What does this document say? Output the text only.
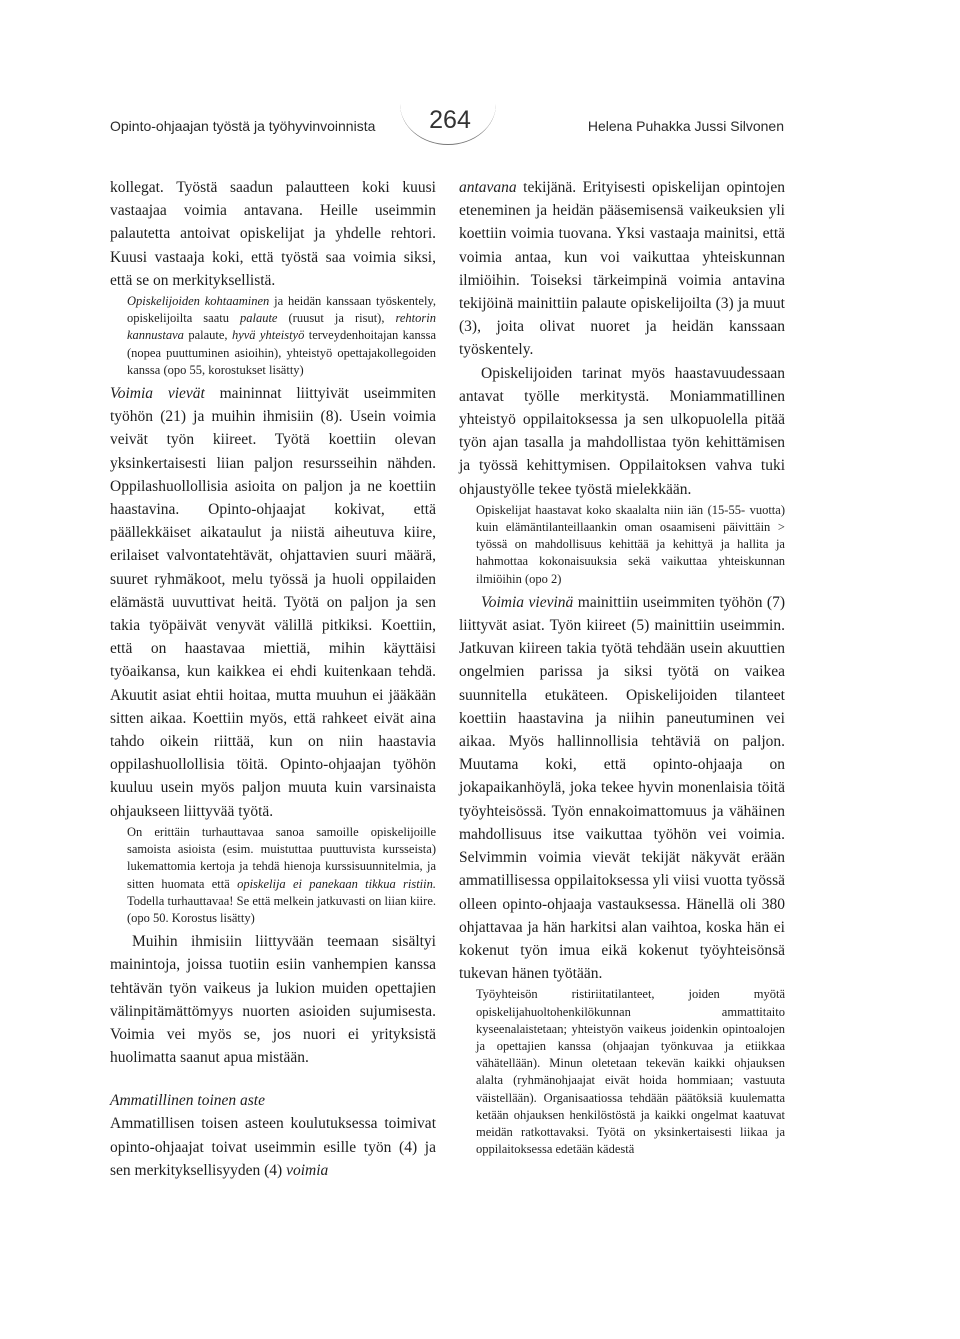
Opinto-ohjaajan työstä ja työhyvinvoinnista 264	Helena Puhakka Jussi Silvonen

kollegat. Työstä saadun palautteen koki kuusi vastaajaa voimia antavana. Heille useimmin palautetta antoivat opiskelijat ja yhdelle rehtori. Kuusi vastaaja koki, että työstä saa voimia siksi, että se on merkityksellistä.

Opiskelijoiden kohtaaminen ja heidän kanssaan työskentely, opiskelijoilta saatu palaute (ruusut ja risut), rehtorin kannustava palaute, hyvä yhteistyö terveydenhoitajan kanssa (nopea puuttuminen asioihin), yhteistyö opettajakollegoiden kanssa (opo 55, korostukset lisätty)

Voimia vievät maininnat liittyivät useimmiten työhön (21) ja muihin ihmisiin (8). Usein voimia veivät työn kiireet. Työtä koettiin olevan yksinkertaisesti liian paljon resursseihin nähden. Oppilashuollollisia asioita on paljon ja ne koettiin haastavina. Opinto-ohjaajat kokivat, että päällekkäiset aikataulut ja niistä aiheutuva kiire, erilaiset valvontatehtävät, ohjattavien suuri määrä, suuret ryhmäkoot, melu työssä ja huoli oppilaiden elämästä uuvuttivat heitä. Työtä on paljon ja sen takia työpäivät venyvät välillä pitkiksi. Koettiin, että on haastavaa miettiä, mihin käyttäisi työaikansa, kun kaikkea ei ehdi kuitenkaan tehdä. Akuutit asiat ehtii hoitaa, mutta muuhun ei jääkään sitten aikaa. Koettiin myös, että rahkeet eivät aina tahdo oikein riittää, kun on niin haastavia oppilashuollollisia töitä. Opinto-ohjaajan työhön kuuluu usein myös paljon muuta kuin varsinaista ohjaukseen liittyvää työtä.

On erittäin turhauttavaa sanoa samoille opiskelijoille samoista asioista (esim. muistuttaa puuttuvista kursseista) lukemattomia kertoja ja tehdä hienoja kurssisuunnitelmia, ja sitten huomata että opiskelija ei panekaan tikkua ristiin. Todella turhauttavaa! Se että melkein jatkuvasti on liian kiire. (opo 50. Korostus lisätty)

Muihin ihmisiin liittyvään teemaan sisältyi mainintoja, joissa tuotiin esiin vanhempien kanssa tehtävän työn vaikeus ja lukion muiden opettajien välinpitämättömyys nuorten asioiden sujumisesta. Voimia vei myös se, jos nuori ei yrityksistä huolimatta saanut apua mistään.

Ammatillinen toinen aste

Ammatillisen toisen asteen koulutuksessa toimivat opinto-ohjaajat toivat useimmin esille työn (4) ja sen merkityksellisyyden (4) voimia

antavana tekijänä. Erityisesti opiskelijan opintojen eteneminen ja heidän pääsemisensä vaikeuksien yli koettiin voimia tuovana. Yksi vastaaja mainitsi, että voimia antaa, kun voi vaikuttaa yhteiskunnan ilmiöihin. Toiseksi tärkeimpinä voimia antavina tekijöinä mainittiin palaute opiskelijoilta (3) ja muut (3), joita olivat nuoret ja heidän kanssaan työskentely.

Opiskelijoiden tarinat myös haastavuudessaan antavat työlle merkitystä. Moniammatillinen yhteistyö oppilaitoksessa ja sen ulkopuolella pitää työn ajan tasalla ja mahdollistaa työn kehittämisen ja työssä kehittymisen. Oppilaitoksen vahva tuki ohjaustyölle tekee työstä mielekkään.

Opiskelijat haastavat koko skaalalta niin iän (15-55- vuotta) kuin elämäntilanteillaankin oman osaamiseni päivittäin > työssä on mahdollisuus kehittää ja kehittyä ja hallita ja hahmottaa kokonaisuuksia sekä vaikuttaa yhteiskunnan ilmiöihin (opo 2)

Voimia vievinä mainittiin useimmiten työhön (7) liittyvät asiat. Työn kiireet (5) mainittiin useimmin. Jatkuvan kiireen takia työtä tehdään usein akuuttien ongelmien parissa ja siksi työtä on vaikea suunnitella etukäteen. Opiskelijoiden tilanteet koettiin haastavina ja niihin paneutuminen vei aikaa. Myös hallinnollisia tehtäviä on paljon. Muutama koki, että opinto-ohjaaja on jokapaikanhöylä, joka tekee hyvin monenlaisia töitä työyhteisössä. Työn ennakoimattomuus ja vähäinen mahdollisuus itse vaikuttaa työhön vei voimia. Selvimmin voimia vievät tekijät näkyvät erään ammatillisessa oppilaitoksessa yli viisi vuotta työssä olleen opinto-ohjaaja vastauksessa. Hänellä oli 380 ohjattavaa ja hän harkitsi alan vaihtoa, koska hän ei kokenut työn imua eikä kokenut työyhteisönsä tukevan hänen työtään.

Työyhteisön ristiriitatilanteet, joiden myötä opiskelijahuoltohenkilökunnan ammattitaito kyseenalaistetaan; yhteistyön vaikeus joidenkin opintoalojen ja opettajien kanssa (ohjaajan työnkuvaa ja etiikkaa vähätellään). Minun oletetaan tekevän kaikki ohjauksen alalta (ryhmänohjaajat eivät hoida hommiaan; vastuuta väistellään). Organisaatiossa tehdään päätöksiä kuulematta ketään ohjauksen henkilöstöstä ja kaikki ongelmat kaatuvat meidän ratkottavaksi. Työtä on yksinkertaisesti liikaa ja oppilaitoksessa edetään kädestä
